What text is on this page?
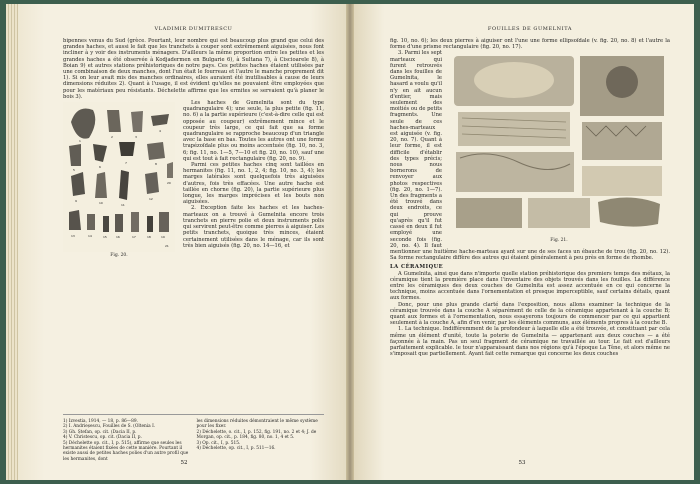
VLADIMIR DUMITRESCU

bipennes venus du Sud (grèce. Pourtant, leur nombre qui est beaucoup plus grand que celui des grandes haches, et aussi le fait que les tranchets à couper sont extrêmement aiguisées, nous font incliner à y voir des instruments ménagers. D'ailleurs la même proportion entre les petites et les grandes haches a été observée à Kodjadermen en Bulgarie 6), à Sultana 7), à Ciscioarele 8), à Boian 9) et autres stations préhistoriques de notre pays. Ces petites haches étaient utilisées par une combinaison de deux manches, dont l'un était le fourreau et l'autre le manche proprement dit 1). Si on leur avait mis des manches ordinaires, elles auraient été inutilisables à cause de leurs dimensions réduites 2). Quant à l'usage, il est évident qu'elles ne pouvaient être employées que pour les matériaux peu résistants. Déchelette affirme que les ermites se servaient qu'à planer le bois 3).

1
2	3
4
5
6
7	8
9	10	11
12
13	14	15	16	17	18	19
20
21
Fig. 20.

Les haches de Gumelnita sont du type quadrangulaire 4); une seule, la plus petite (fig. 11, no. 6) a la partie supérieure (c'est-à-dire celle qui est opposée au coupeur) extrêmement mince et le coupeur très large, ce qui fait que sa forme quadrangulaire se rapproche beaucoup d'un triangle avec la base en bas. Toutes les autres ont une forme trapézoïdale plus ou moins accentuée (fig. 10, no. 3, 6; fig. 11, no. 1—5, 7—10 et fig. 20, no. 10), sauf une qui est tout à fait rectangulaire (fig. 20, no. 9).

Parmi ces petites haches cinq sont taillées en hermanites (fig. 11, no. 1, 2, 4; fig. 10, no. 3, 4); les marges latérales sont quelquefois très aiguisées d'autres, fois très effacées. Une autre hache est taillée en chorne (fig. 20), la partie supérieure plus longue, les marges imprécises et les bouts non aiguisées.

2. Exception faite les haches et les haches-marteaux on a trouvé à Gumelnita encore trois tranchets en pierre polie et deux instruments polis qui servirent peut-être comme pierres à aiguiser. Les petits tranchets, quoique très minces, étaient certainement utilisées dans le ménage, car ils sont très bien aiguisés (fig. 20, no. 14—16, et

1) Izvestia, 1914, — 18, p. 86—89.
2) I. Andrieșescu, Fouilles de S. (Oltenia I.
3) Gh. Ștefan, op. cit. (Dacia II, p.
4) V. Christescu, op. cit. (Dacia II, p.
5) Déchelette op. cit., I, p. 515), affirme que seules les hermanites étaient fixées de cette manière. Pourtant il existe aussi de petites haches polies d'un autre profil que les hermanites, dont
les dimensions réduites démontraient le même système pour les fixer.
2) Déchelette, o. cit., I, p. 152, fig. 191, no. 2 et 4; J. de Morgan, op. cit., p. 184, fig. 80, no. 1, 4 et 5.
3) Op. cit., I, p. 515.
4) Déchelette, op. cit., I, p. 511—16.
52
FOUILLES DE GUMELNITA

fig. 10, no. 6); les deux pierres à aiguiser ont l'une une forme ellipsoïdale (v. fig. 20, no. 8) et l'autre la forme d'une prisme rectangulaire (fig. 20, no. 17).

Fig. 21.

3. Parmi les sept marteaux qui furent retrouvés dans les fouilles de Gumelnita, le hasard a voulu qu'il n'y en ait aucun d'entier, mais seulement des moitiés ou de petits fragments. Une seule de ces haches-marteaux est aiguisée (v. fig. 20, no. 7). Quant à leur forme, il est difficile d'établir des types précis; nous nous bornerons de renvoyer aux photos respectives (fig. 20, no. 1—7). Un des fragments a été trouvé dans deux endroits, ce qui prouve qu'après qu'il fut cassé en deux il fut employé une seconde fois (fig. 20, no. 4). Il faut mentionner une huitième hache-marteau ayant sur une de ses faces un ébauche de trou (fig. 20, no. 12). Sa forme rectangulaire diffère des autres qui étaient généralement à peu près en forme de rhombe.

LA CÉRAMIQUE

A Gumelnita, ainsi que dans n'importe quelle station préhistorique des premiers temps des métaux, la céramique tient la première place dans l'inventaire des objets trouvés dans les fouilles. La différence entre les céramiques des deux couches de Gumelnita est assez accentuée en ce qui concerne la technique, moins accentuée dans l'ornementation et presque imperceptible, sauf certains détails, quant aux formes.

Donc, pour une plus grande clarté dans l'exposition, nous allons examiner la technique de la céramique trouvée dans la couche A séparément de celle de la céramique appartenant à la couche B; quant aux formes et à l'ornementation, nous essayerons toujours de commencer par ce qui appartient seulement à la couche A, afin d'en venir, par les éléments communs, aux éléments propres à la couche B.

1. La technique. Indifféremment de la profondeur à laquelle elle a été trouvée, et constituant par cela même un élément d'unité, toute la poterie de Gumelnita — appartenant aux deux couches — a été façonnée à la main. Pas un seul fragment de céramique ne travaillée au tour. Le fait est d'ailleurs parfaitement explicable. le tour n'apparaissant dans nos régions qu'à l'époque La Tène, et alors même ne s'imposait que partiellement. Ayant fait cette remarque qui concerne les deux couches

53
